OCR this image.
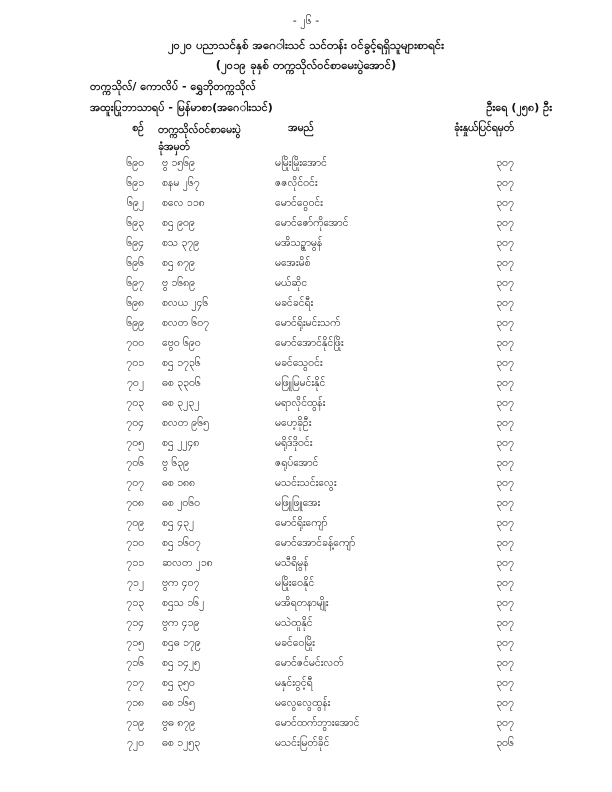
- ၂၆ -
၂၀၂၀ ပညာသင်နှစ် အဂေ‌ါးသင် သင်တန်း ဝင်ခွင့်ရရှိသူများစာရင်း
(၂၀၁၉ ခုနှစ် တက္ကသိုလ်ဝင်စာမေးပွဲအောင်)
တက္ကသိုလ်/ ကောလိပ် - ရွှေဘိုတက္ကသိုလ်
အထူးပြုဘာသာရပ် - မြန်မာစာ(အဂေ‌ါးသင်)	ဦးရေ (၂၅၈) ဦး
စဉ် တက္ကသိုလ်ဝင်စာမေးပွဲ
ခုံအမှတ်
အမည်	ခုံးနှုယ်ပြင်ရမှတ်
၆၉၀ ဗွ ၁၅၆၉	မမြိုးမြိုးအောင်	၃၀၇
၆၉၁ စနမ ၂၆၇	ဇဇလိုင်ဝင်း	၃၀၇
၆၉၂ စလေ ၁၁၈	မောင်ဝွေဝင်း	၃၀၇
၆၉၃ စဌ ၉၀၉	မောင်ဇော်ကိုအောင်	၃၀၇
၆၉၄ စသ ၃၇၉	မအိသဥ္စာမွန်	၃၀၇
၆၉၆ စဌ ၈၇၉	မအေးမိစ်	၃၀၇
၆၉၇ ဗွ ၁၆၈၉	မယ်ဆိုင	၃၀၇
၆၉၈ စလယ ၂၄၆	မခင်ခင်ရီး	၃၀၇
၆၉၉ စလတ ၆၀၇	မောင်ရိုးမင်းသက်	၃၀၇
၇၀၀ ဗွေ၀ ၆၉၀	မောင်အောင်နိုင်ဖြိုး	၃၀၇
၇၀၁ စဌ ၁၇၃၆	မခင်သွေဝင်း	၃၀၇
၇၀၂ ဓစ ၃၃၀၆	မဖြူမြမင်းနိုင်	၃၀၇
၇၀၃ ဓစ ၃၂၃၂	မရာလိုင်ထွန်း	၃၀၇
၇၀၄ စလတ ၉၆၅	မဟေ့ခိုဦး	၃၀၇
၇၀၅ စဌ ၂၂၄၈	မရိုဒ်ဒိုဝင်း	၃၀၇
၇၀၆ ဗွ ၆၃၉	ဇရုပ်အောင်	၃၀၇
၇၀၇ ဓစ ၁၈၈	မသင်းသင်းလွေး	၃၀၇
၇၀၈ ဓစ ၂၀၆၀	မဖြူဖြူအေး	၃၀၇
၇၀၉ စဌ ၄၃၂	မောင်ရိုးကျော်	၃၀၇
၇၁၀ စဌ ၁၆၀၇	မောင်အောင်ခန့်ကျော်	၃၀၇
၇၁၁ ဆလတ ၂၁၈	မသီရိမွန်	၃၀၇
၇၁၂ ဗွက ၄၀၇	မမြိုးဝေနိုင်	၃၀၇
၇၁၃ စဌသ ၁၆၂	မအိရတနာမျိုး	၃၀၇
၇၁၄ ဗွက ၄၁၉	မသဲထူနိုင်	၃၀၇
၇၁၅ စဌဓ ၁၇၉	မခင်ဝေမြိုး	၃၀၇
၇၁၆ စဌ ၁၄၂၅	မောင်ဇင်မင်းလတ်	၃၀၇
၇၁၇ စဌ ၃၅၀	မနှင်းဝွင့်ရီ	၃၀၇
၇၁၈ ဓစ ၁၆၅	မလွေလွေထွန်း	၃၀၇
၇၁၉ ဗွဓ ၈၇၉	မောင်ထက်ဘွားအောင်	၃၀၇
၇၂၀ ဓစ ၁၂၅၃	မသင်းမြတ်ခိုင်	၃၀၆
